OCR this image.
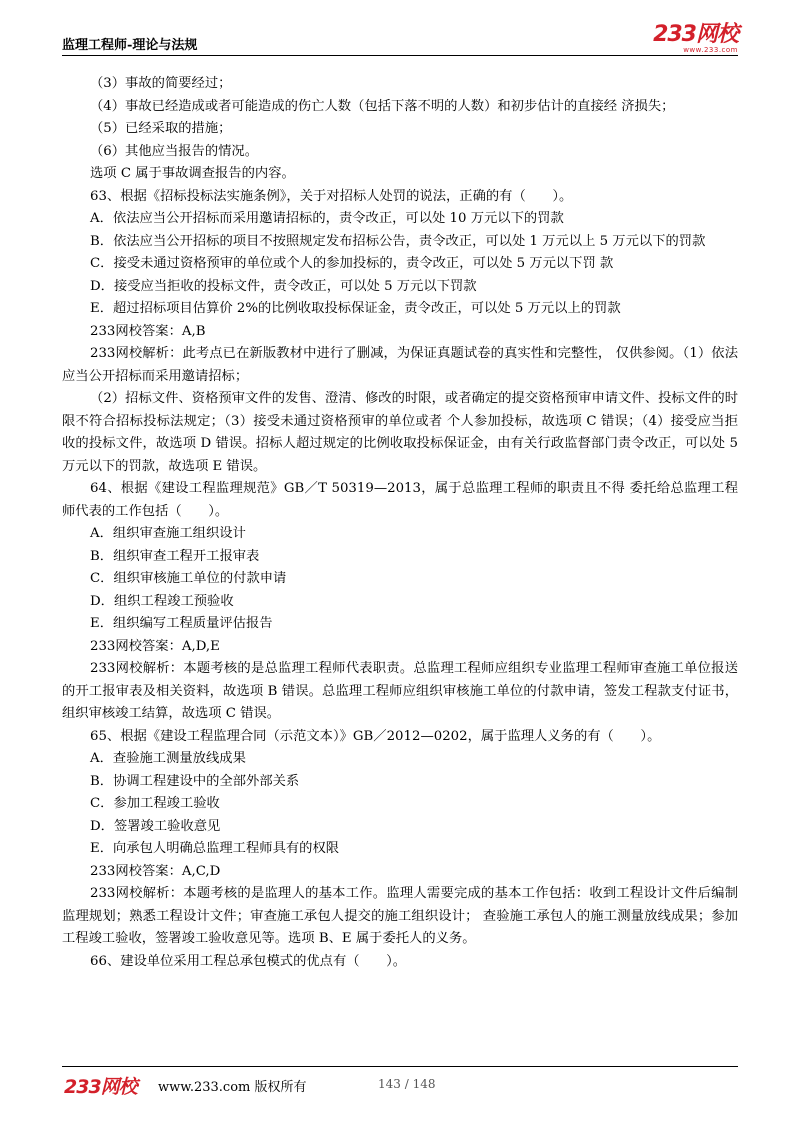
监理工程师-理论与法规	233网校
www.233.com

（3）事故的简要经过；

（4）事故已经造成或者可能造成的伤亡人数（包括下落不明的人数）和初步估计的直接经 济损失；

（5）已经采取的措施；

（6）其他应当报告的情况。

选项 C 属于事故调查报告的内容。

63、根据《招标投标法实施条例》，关于对招标人处罚的说法，正确的有（　　）。

A．依法应当公开招标而采用邀请招标的，责令改正，可以处 10 万元以下的罚款

B．依法应当公开招标的项目不按照规定发布招标公告，责令改正，可以处 1 万元以上 5 万元以下的罚款

C．接受未通过资格预审的单位或个人的参加投标的，责令改正，可以处 5 万元以下罚 款

D．接受应当拒收的投标文件，责令改正，可以处 5 万元以下罚款

E．超过招标项目估算价 2%的比例收取投标保证金，责令改正，可以处 5 万元以上的罚款

233网校答案：A,B

233网校解析：此考点已在新版教材中进行了删减，为保证真题试卷的真实性和完整性， 仅供参阅。（1）依法应当公开招标而采用邀请招标；

（2）招标文件、资格预审文件的发售、澄清、修改的时限，或者确定的提交资格预审申请文件、投标文件的时限不符合招标投标法规定；（3）接受未通过资格预审的单位或者 个人参加投标，故选项 C 错误；（4）接受应当拒收的投标文件，故选项 D 错误。招标人超过规定的比例收取投标保证金，由有关行政监督部门责令改正，可以处 5 万元以下的罚款，故选项 E 错误。

64、根据《建设工程监理规范》GB／T 50319—2013，属于总监理工程师的职责且不得 委托给总监理工程师代表的工作包括（　　）。

A．组织审查施工组织设计

B．组织审查工程开工报审表

C．组织审核施工单位的付款申请

D．组织工程竣工预验收

E．组织编写工程质量评估报告

233网校答案：A,D,E

233网校解析：本题考核的是总监理工程师代表职责。总监理工程师应组织专业监理工程师审查施工单位报送的开工报审表及相关资料，故选项 B 错误。总监理工程师应组织审核施工单位的付款申请，签发工程款支付证书，组织审核竣工结算，故选项 C 错误。

65、根据《建设工程监理合同（示范文本）》GB／2012—0202，属于监理人义务的有（　　）。

A．查验施工测量放线成果

B．协调工程建设中的全部外部关系

C．参加工程竣工验收

D．签署竣工验收意见

E．向承包人明确总监理工程师具有的权限

233网校答案：A,C,D

233网校解析：本题考核的是监理人的基本工作。监理人需要完成的基本工作包括：收到工程设计文件后编制监理规划；熟悉工程设计文件；审查施工承包人提交的施工组织设计； 查验施工承包人的施工测量放线成果；参加工程竣工验收，签署竣工验收意见等。选项 B、E 属于委托人的义务。

66、建设单位采用工程总承包模式的优点有（　　）。

233网校 www.233.com 版权所有	143 / 148
